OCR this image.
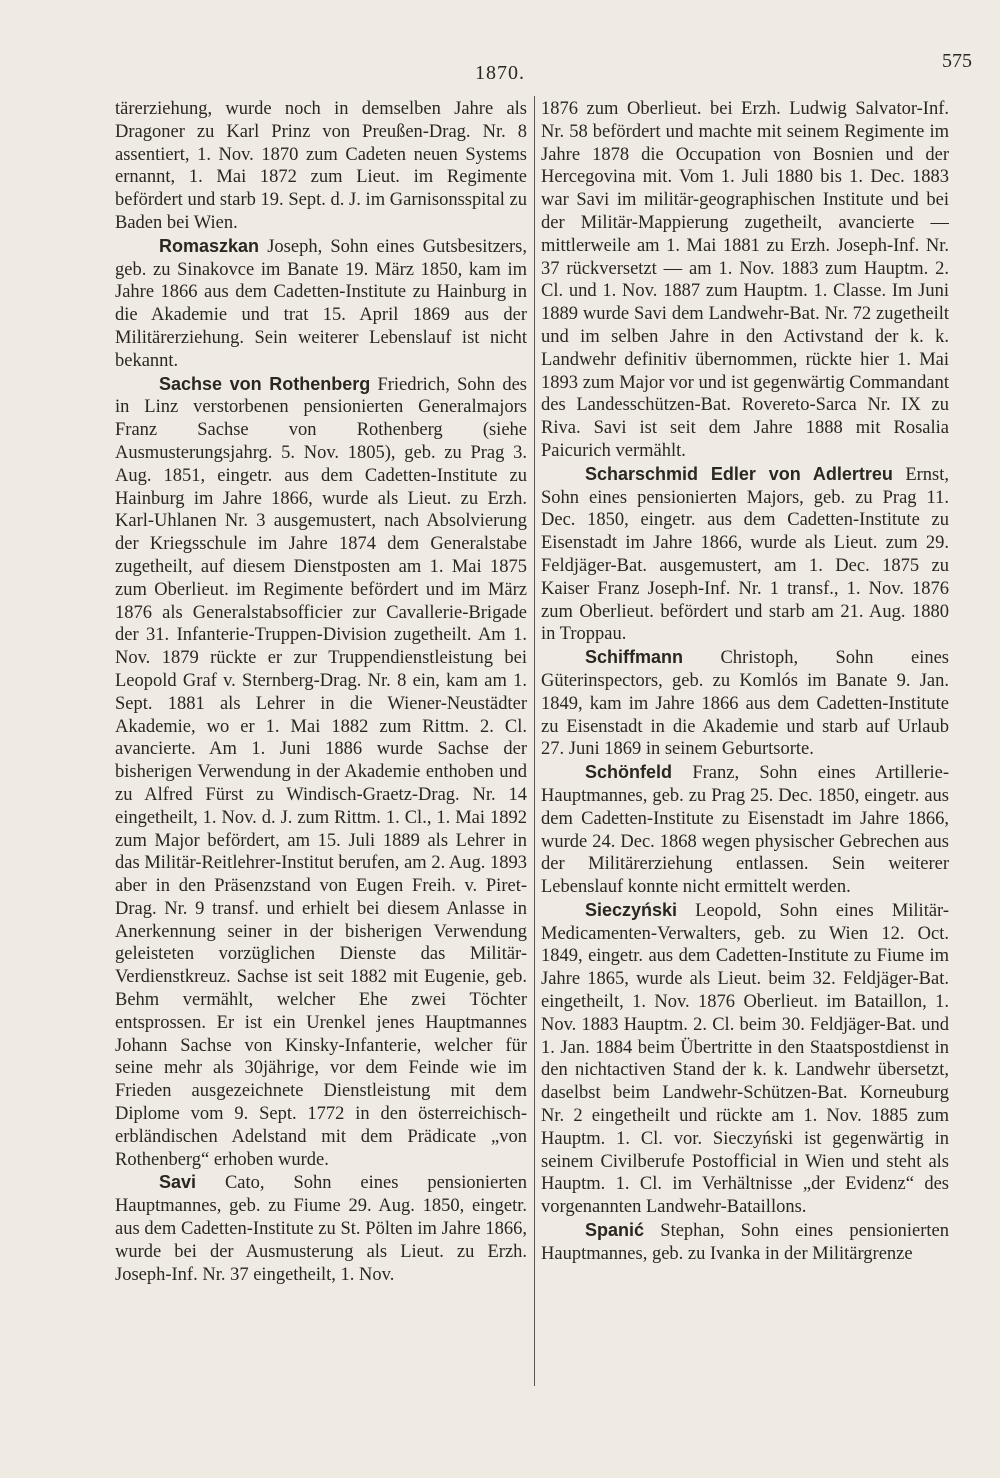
1870.
575

tärerziehung, wurde noch in demselben Jahre als Dragoner zu Karl Prinz von Preußen-Drag. Nr. 8 assentiert, 1. Nov. 1870 zum Cadeten neuen Systems ernannt, 1. Mai 1872 zum Lieut. im Regimente befördert und starb 19. Sept. d. J. im Garnisonsspital zu Baden bei Wien.

Romaszkan Joseph, Sohn eines Gutsbesitzers, geb. zu Sinakovce im Banate 19. März 1850, kam im Jahre 1866 aus dem Cadetten-Institute zu Hainburg in die Akademie und trat 15. April 1869 aus der Militärerziehung. Sein weiterer Lebenslauf ist nicht bekannt.

Sachse von Rothenberg Friedrich, Sohn des in Linz verstorbenen pensionierten Generalmajors Franz Sachse von Rothenberg (siehe Ausmusterungsjahrg. 5. Nov. 1805), geb. zu Prag 3. Aug. 1851, eingetr. aus dem Cadetten-Institute zu Hainburg im Jahre 1866, wurde als Lieut. zu Erzh. Karl-Uhlanen Nr. 3 ausgemustert, nach Absolvierung der Kriegsschule im Jahre 1874 dem Generalstabe zugetheilt, auf diesem Dienstposten am 1. Mai 1875 zum Oberlieut. im Regimente befördert und im März 1876 als Generalstabsofficier zur Cavallerie-Brigade der 31. Infanterie-Truppen-Division zugetheilt. Am 1. Nov. 1879 rückte er zur Truppendienstleistung bei Leopold Graf v. Sternberg-Drag. Nr. 8 ein, kam am 1. Sept. 1881 als Lehrer in die Wiener-Neustädter Akademie, wo er 1. Mai 1882 zum Rittm. 2. Cl. avancierte. Am 1. Juni 1886 wurde Sachse der bisherigen Verwendung in der Akademie enthoben und zu Alfred Fürst zu Windisch-Graetz-Drag. Nr. 14 eingetheilt, 1. Nov. d. J. zum Rittm. 1. Cl., 1. Mai 1892 zum Major befördert, am 15. Juli 1889 als Lehrer in das Militär-Reitlehrer-Institut berufen, am 2. Aug. 1893 aber in den Präsenzstand von Eugen Freih. v. Piret-Drag. Nr. 9 transf. und erhielt bei diesem Anlasse in Anerkennung seiner in der bisherigen Verwendung geleisteten vorzüglichen Dienste das Militär-Verdienstkreuz. Sachse ist seit 1882 mit Eugenie, geb. Behm vermählt, welcher Ehe zwei Töchter entsprossen. Er ist ein Urenkel jenes Hauptmannes Johann Sachse von Kinsky-Infanterie, welcher für seine mehr als 30jährige, vor dem Feinde wie im Frieden ausgezeichnete Dienstleistung mit dem Diplome vom 9. Sept. 1772 in den österreichisch-erbländischen Adelstand mit dem Prädicate „von Rothenberg“ erhoben wurde.

Savi Cato, Sohn eines pensionierten Hauptmannes, geb. zu Fiume 29. Aug. 1850, eingetr. aus dem Cadetten-Institute zu St. Pölten im Jahre 1866, wurde bei der Ausmusterung als Lieut. zu Erzh. Joseph-Inf. Nr. 37 eingetheilt, 1. Nov.

1876 zum Oberlieut. bei Erzh. Ludwig Salvator-Inf. Nr. 58 befördert und machte mit seinem Regimente im Jahre 1878 die Occupation von Bosnien und der Hercegovina mit. Vom 1. Juli 1880 bis 1. Dec. 1883 war Savi im militär-geographischen Institute und bei der Militär-Mappierung zugetheilt, avancierte — mittlerweile am 1. Mai 1881 zu Erzh. Joseph-Inf. Nr. 37 rückversetzt — am 1. Nov. 1883 zum Hauptm. 2. Cl. und 1. Nov. 1887 zum Hauptm. 1. Classe. Im Juni 1889 wurde Savi dem Landwehr-Bat. Nr. 72 zugetheilt und im selben Jahre in den Activstand der k. k. Landwehr definitiv übernommen, rückte hier 1. Mai 1893 zum Major vor und ist gegenwärtig Commandant des Landesschützen-Bat. Rovereto-Sarca Nr. IX zu Riva. Savi ist seit dem Jahre 1888 mit Rosalia Paicurich vermählt.

Scharschmid Edler von Adlertreu Ernst, Sohn eines pensionierten Majors, geb. zu Prag 11. Dec. 1850, eingetr. aus dem Cadetten-Institute zu Eisenstadt im Jahre 1866, wurde als Lieut. zum 29. Feldjäger-Bat. ausgemustert, am 1. Dec. 1875 zu Kaiser Franz Joseph-Inf. Nr. 1 transf., 1. Nov. 1876 zum Oberlieut. befördert und starb am 21. Aug. 1880 in Troppau.

Schiffmann Christoph, Sohn eines Güterinspectors, geb. zu Komlós im Banate 9. Jan. 1849, kam im Jahre 1866 aus dem Cadetten-Institute zu Eisenstadt in die Akademie und starb auf Urlaub 27. Juni 1869 in seinem Geburtsorte.

Schönfeld Franz, Sohn eines Artillerie-Hauptmannes, geb. zu Prag 25. Dec. 1850, eingetr. aus dem Cadetten-Institute zu Eisenstadt im Jahre 1866, wurde 24. Dec. 1868 wegen physischer Gebrechen aus der Militärerziehung entlassen. Sein weiterer Lebenslauf konnte nicht ermittelt werden.

Sieczyński Leopold, Sohn eines Militär-Medicamenten-Verwalters, geb. zu Wien 12. Oct. 1849, eingetr. aus dem Cadetten-Institute zu Fiume im Jahre 1865, wurde als Lieut. beim 32. Feldjäger-Bat. eingetheilt, 1. Nov. 1876 Oberlieut. im Bataillon, 1. Nov. 1883 Hauptm. 2. Cl. beim 30. Feldjäger-Bat. und 1. Jan. 1884 beim Übertritte in den Staatspostdienst in den nichtactiven Stand der k. k. Landwehr übersetzt, daselbst beim Landwehr-Schützen-Bat. Korneuburg Nr. 2 eingetheilt und rückte am 1. Nov. 1885 zum Hauptm. 1. Cl. vor. Sieczyński ist gegenwärtig in seinem Civilberufe Postofficial in Wien und steht als Hauptm. 1. Cl. im Verhältnisse „der Evidenz“ des vorgenannten Landwehr-Bataillons.

Spanić Stephan, Sohn eines pensionierten Hauptmannes, geb. zu Ivanka in der Militärgrenze
